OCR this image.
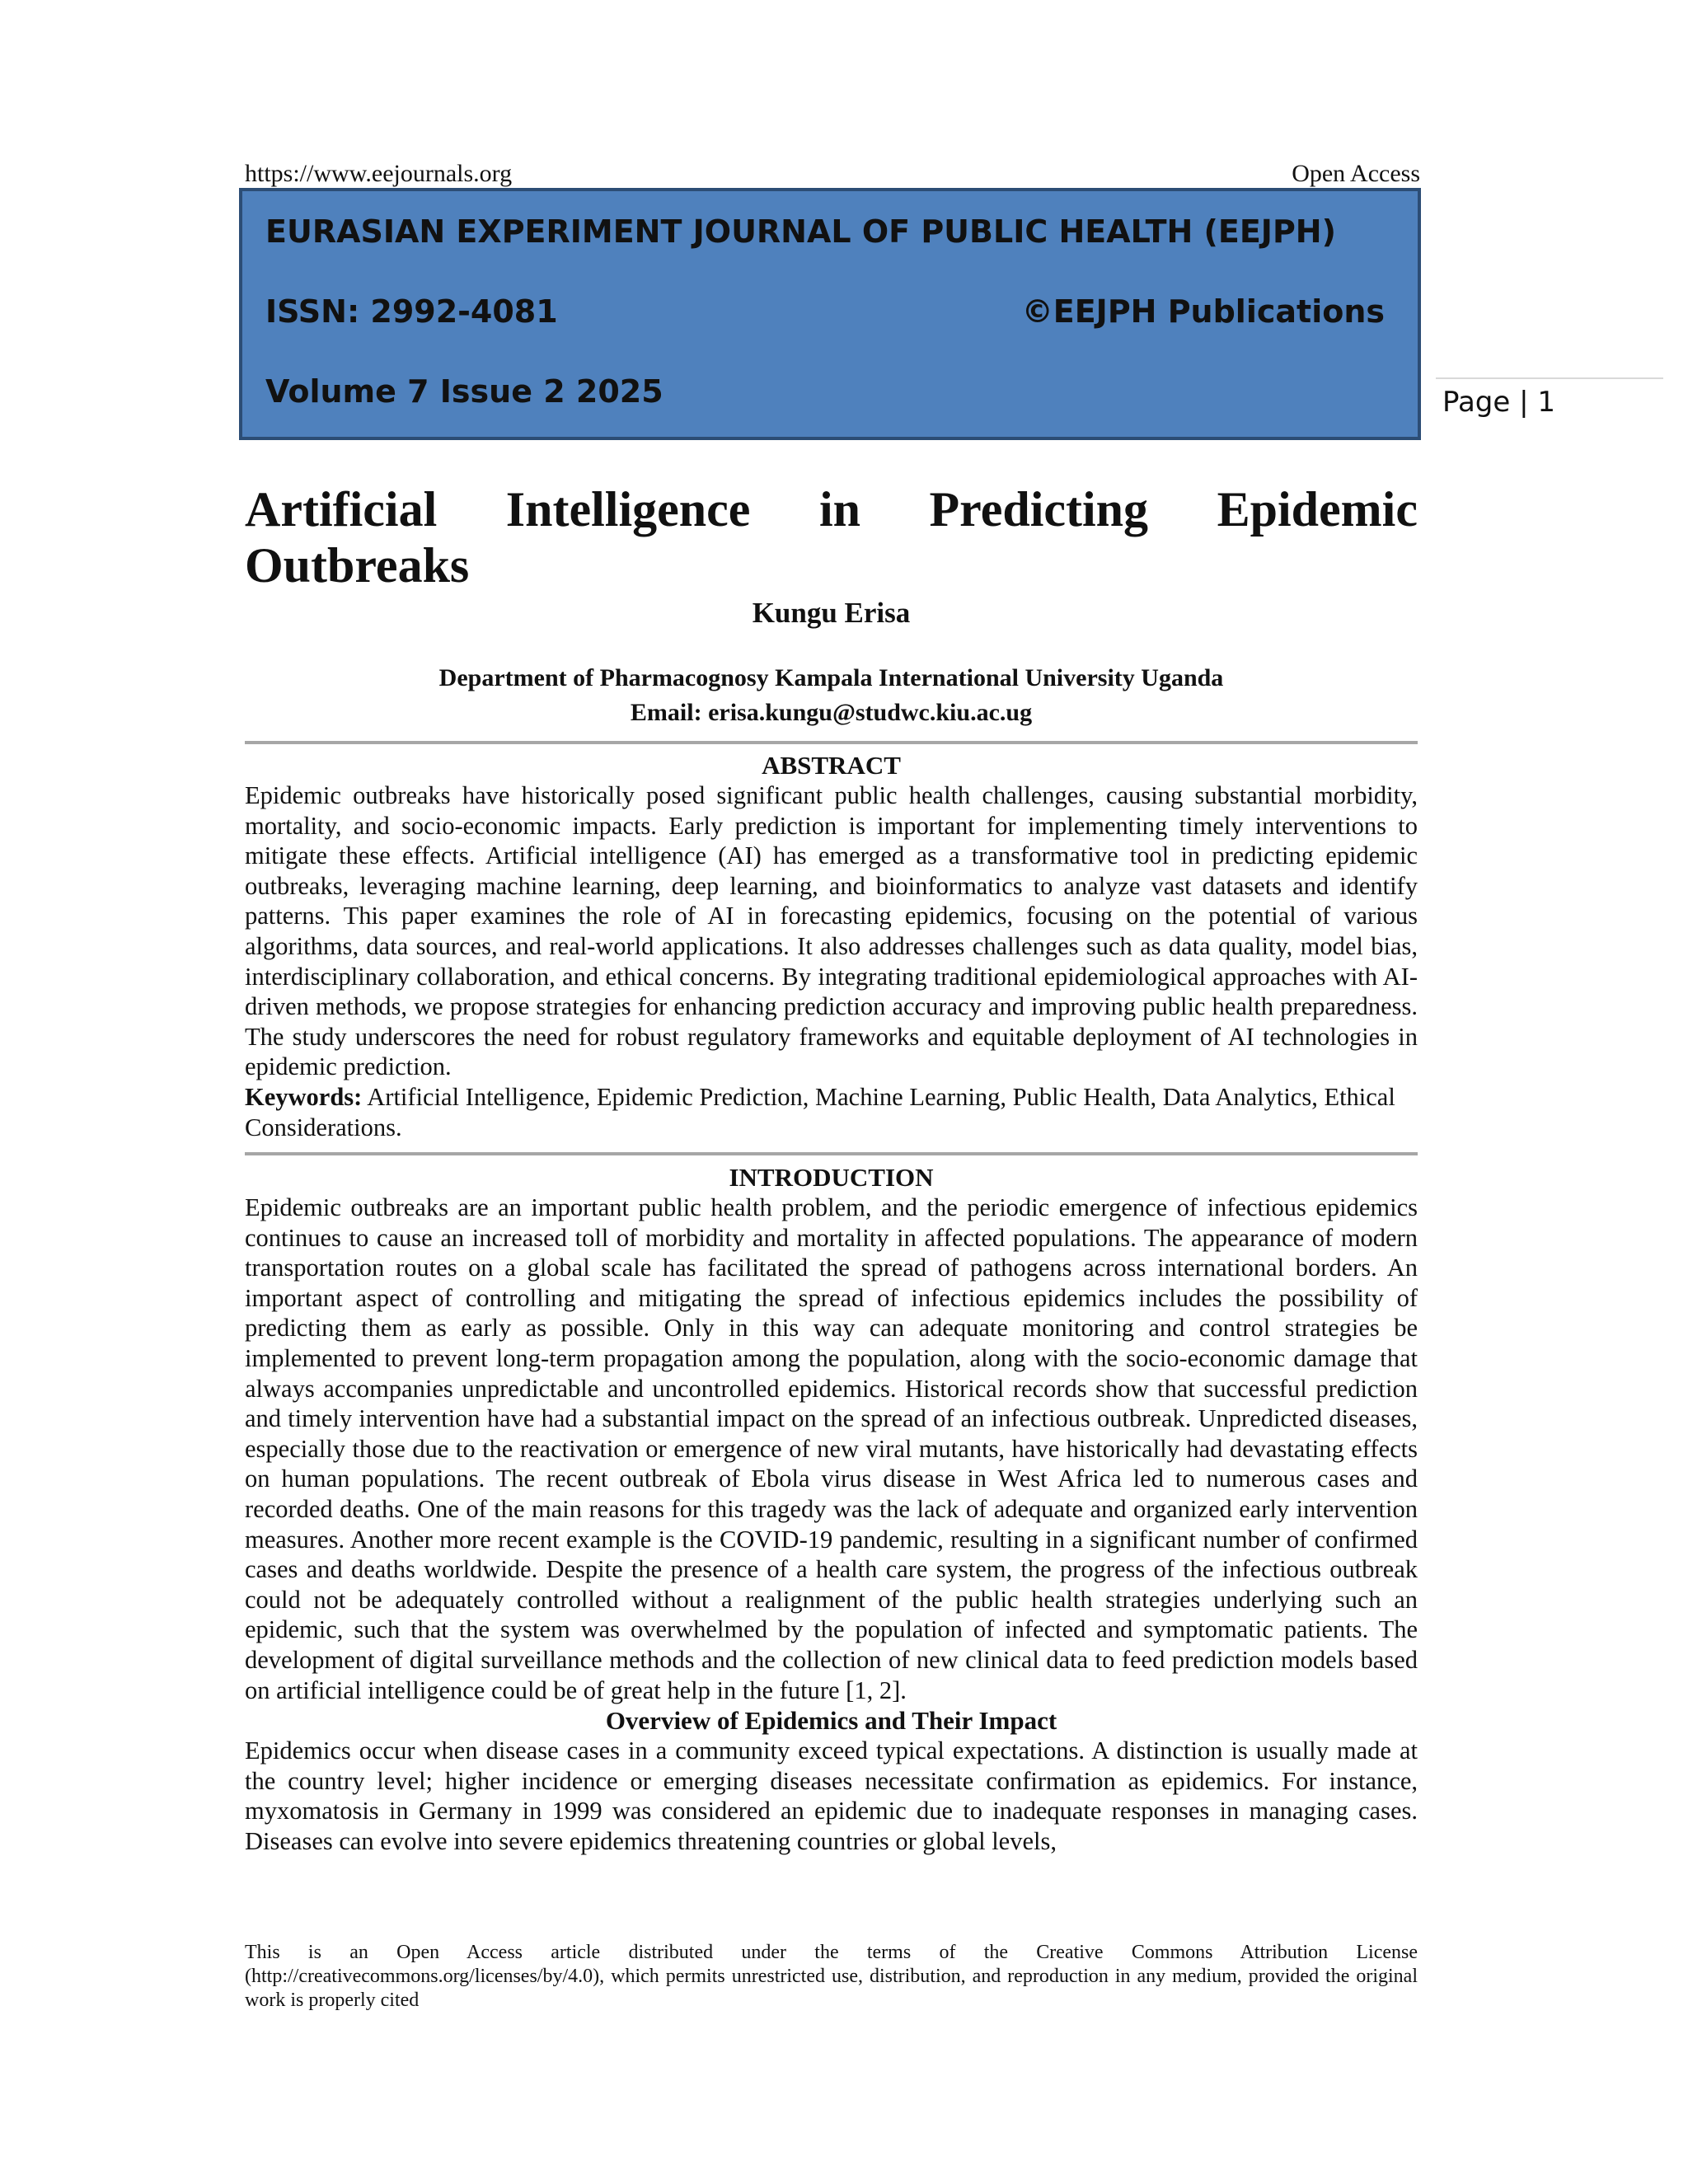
https://www.eejournals.org	Open Access
EURASIAN EXPERIMENT JOURNAL OF PUBLIC HEALTH (EEJPH)
ISSN: 2992-4081	©EEJPH Publications
Volume 7 Issue 2 2025	Page | 1
Artificial Intelligence in Predicting Epidemic
Outbreaks
Kungu Erisa
Department of Pharmacognosy Kampala International University Uganda
Email: erisa.kungu@studwc.kiu.ac.ug
ABSTRACT

Epidemic outbreaks have historically posed significant public health challenges, causing substantial morbidity, mortality, and socio-economic impacts. Early prediction is important for implementing timely interventions to mitigate these effects. Artificial intelligence (AI) has emerged as a transformative tool in predicting epidemic outbreaks, leveraging machine learning, deep learning, and bioinformatics to analyze vast datasets and identify patterns. This paper examines the role of AI in forecasting epidemics, focusing on the potential of various algorithms, data sources, and real-world applications. It also addresses challenges such as data quality, model bias, interdisciplinary collaboration, and ethical concerns. By integrating traditional epidemiological approaches with AI-driven methods, we propose strategies for enhancing prediction accuracy and improving public health preparedness. The study underscores the need for robust regulatory frameworks and equitable deployment of AI technologies in epidemic prediction.

Keywords: Artificial Intelligence, Epidemic Prediction, Machine Learning, Public Health, Data Analytics, Ethical Considerations.

INTRODUCTION

Epidemic outbreaks are an important public health problem, and the periodic emergence of infectious epidemics continues to cause an increased toll of morbidity and mortality in affected populations. The appearance of modern transportation routes on a global scale has facilitated the spread of pathogens across international borders. An important aspect of controlling and mitigating the spread of infectious epidemics includes the possibility of predicting them as early as possible. Only in this way can adequate monitoring and control strategies be implemented to prevent long-term propagation among the population, along with the socio-economic damage that always accompanies unpredictable and uncontrolled epidemics. Historical records show that successful prediction and timely intervention have had a substantial impact on the spread of an infectious outbreak. Unpredicted diseases, especially those due to the reactivation or emergence of new viral mutants, have historically had devastating effects on human populations. The recent outbreak of Ebola virus disease in West Africa led to numerous cases and recorded deaths. One of the main reasons for this tragedy was the lack of adequate and organized early intervention measures. Another more recent example is the COVID-19 pandemic, resulting in a significant number of confirmed cases and deaths worldwide. Despite the presence of a health care system, the progress of the infectious outbreak could not be adequately controlled without a realignment of the public health strategies underlying such an epidemic, such that the system was overwhelmed by the population of infected and symptomatic patients. The development of digital surveillance methods and the collection of new clinical data to feed prediction models based on artificial intelligence could be of great help in the future [1, 2].

Overview of Epidemics and Their Impact

Epidemics occur when disease cases in a community exceed typical expectations. A distinction is usually made at the country level; higher incidence or emerging diseases necessitate confirmation as epidemics. For instance, myxomatosis in Germany in 1999 was considered an epidemic due to inadequate responses in managing cases. Diseases can evolve into severe epidemics threatening countries or global levels,

This is an Open Access article distributed under the terms of the Creative Commons Attribution License (http://creativecommons.org/licenses/by/4.0), which permits unrestricted use, distribution, and reproduction in any medium, provided the original work is properly cited
